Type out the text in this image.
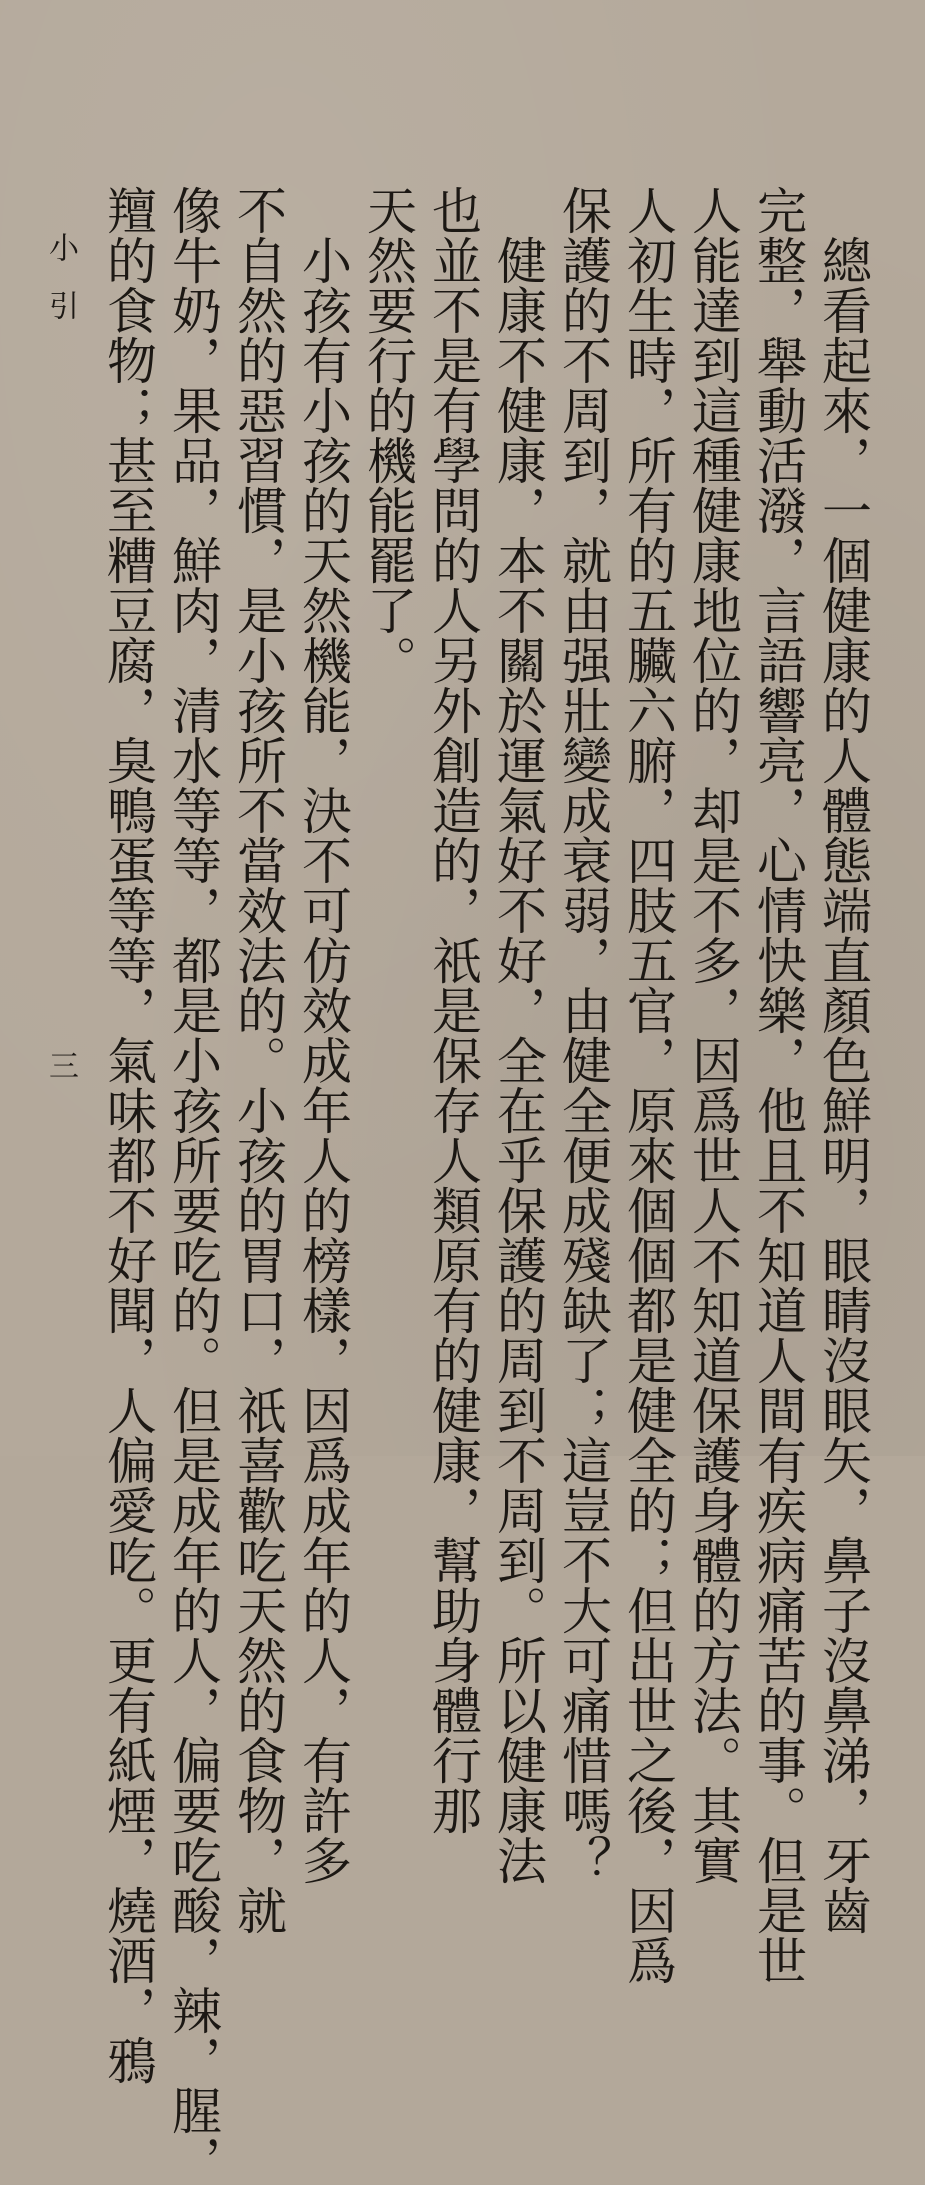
總看起來，一個健康的人體態端直顏色鮮明，眼睛沒眼矢，鼻子沒鼻涕，牙齒

完整，舉動活潑，言語響亮，心情快樂，他且不知道人間有疾病痛苦的事。但是世

人能達到這種健康地位的，却是不多，因爲世人不知道保護身體的方法。其實

人初生時，所有的五臟六腑，四肢五官，原來個個都是健全的；但出世之後，因爲

保護的不周到，就由强壯變成衰弱，由健全便成殘缺了；這豈不大可痛惜嗎？

健康不健康，本不關於運氣好不好，全在乎保護的周到不周到。所以健康法

也並不是有學問的人另外創造的，祇是保存人類原有的健康，幫助身體行那

天然要行的機能罷了。

小孩有小孩的天然機能，決不可仿效成年人的榜樣，因爲成年的人，有許多

不自然的惡習慣，是小孩所不當效法的。小孩的胃口，祇喜歡吃天然的食物，就

像牛奶，果品，鮮肉，清水等等，都是小孩所要吃的。但是成年的人，偏要吃酸，辣，腥，

羶的食物；甚至糟豆腐，臭鴨蛋等等，氣味都不好聞，人偏愛吃。更有紙煙，燒酒，鴉

小引
三
